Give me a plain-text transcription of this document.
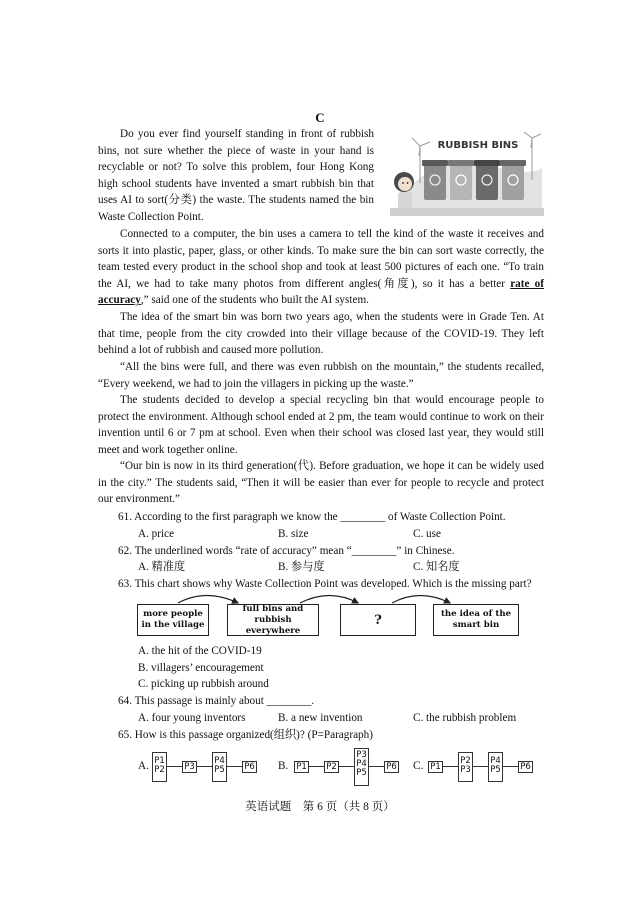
C

Do you ever find yourself standing in front of rubbish bins, not sure whether the piece of waste in your hand is recyclable or not? To solve this problem, four Hong Kong high school students have invented a smart rubbish bin that uses AI to sort(分类) the waste. The students named the bin Waste Collection Point.

RUBBISH BINS

Connected to a computer, the bin uses a camera to tell the kind of the waste it receives and sorts it into plastic, paper, glass, or other kinds. To make sure the bin can sort waste correctly, the team tested every product in the school shop and took at least 500 pictures of each one. “To train the AI, we had to take many photos from different angles(角度), so it has a better rate of accuracy,” said one of the students who built the AI system.

The idea of the smart bin was born two years ago, when the students were in Grade Ten. At that time, people from the city crowded into their village because of the COVID-19. They left behind a lot of rubbish and caused more pollution.

“All the bins were full, and there was even rubbish on the mountain,” the students recalled, “Every weekend, we had to join the villagers in picking up the waste.”

The students decided to develop a special recycling bin that would encourage people to protect the environment. Although school ended at 2 pm, the team would continue to work on their invention until 6 or 7 pm at school. Even when their school was closed last year, they would still meet and work together online.

“Our bin is now in its third generation(代). Before graduation, we hope it can be widely used in the city.” The students said, “Then it will be easier than ever for people to recycle and protect our environment.”

61. According to the first paragraph we know the ________ of Waste Collection Point.
A. price	B. size	C. use
62. The underlined words “rate of accuracy” mean “________” in Chinese.
A. 精准度	B. 参与度	C. 知名度
63. This chart shows why Waste Collection Point was developed. Which is the missing part?
more people in the village
full bins and rubbish everywhere
?	the idea of the smart bin
A. the hit of the COVID-19
B. villagers’ encouragement
C. picking up rubbish around
64. This passage is mainly about ________.
A. four young inventors	B. a new invention	C. the rubbish problem
65. How is this passage organized(组织)? (P=Paragraph)
A. P1
P2 P3
P4
P5 P6 B. P1 P2
P3
P4
P5
P6 C. P1
P2
P3
P4
P5 P6
英语试题　第 6 页（共 8 页）
